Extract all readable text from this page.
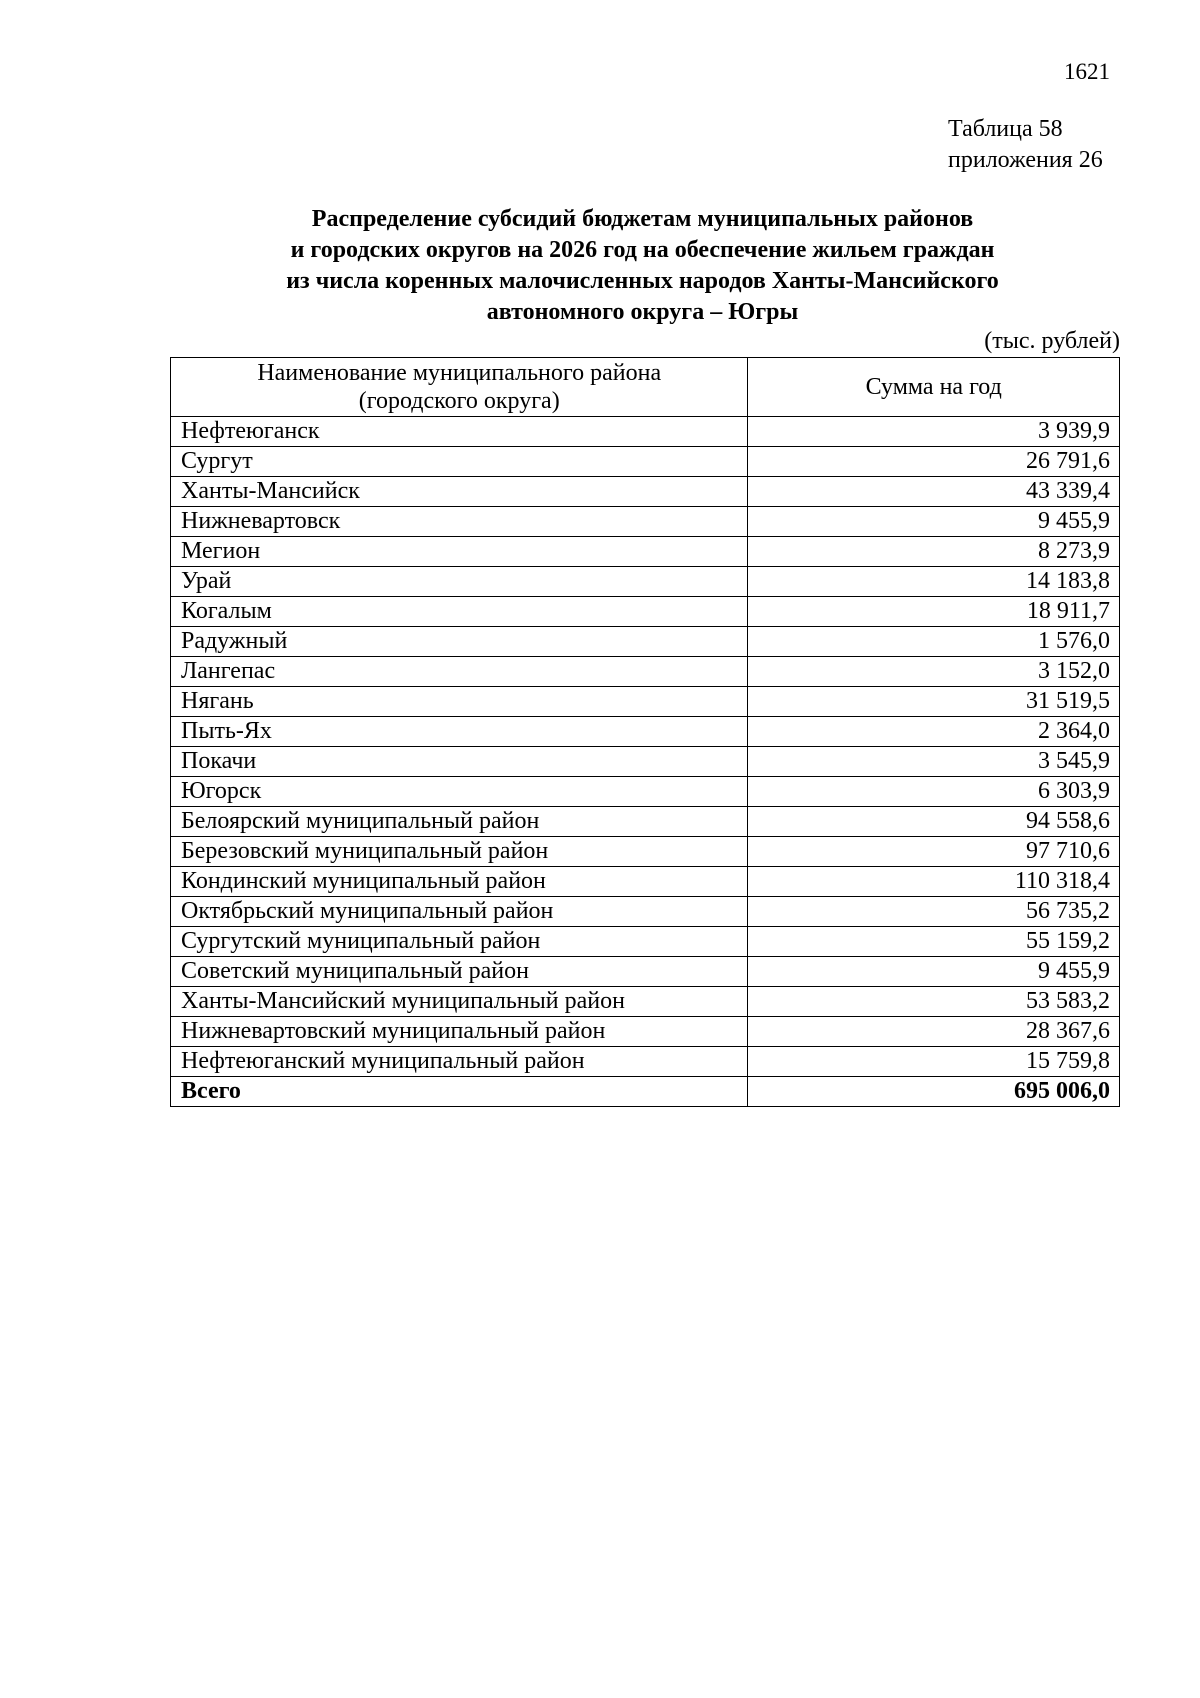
1621
Таблица 58
приложения 26
Распределение субсидий бюджетам муниципальных районов
и городских округов на 2026 год на обеспечение жильем граждан
из числа коренных малочисленных народов Ханты-Мансийского
автономного округа – Югры
(тыс. рублей)
Наименование муниципального района
(городского округа)	Сумма на год
Нефтеюганск	3 939,9
Сургут	26 791,6
Ханты-Мансийск	43 339,4
Нижневартовск	9 455,9
Мегион	8 273,9
Урай	14 183,8
Когалым	18 911,7
Радужный	1 576,0
Лангепас	3 152,0
Нягань	31 519,5
Пыть-Ях	2 364,0
Покачи	3 545,9
Югорск	6 303,9
Белоярский муниципальный район	94 558,6
Березовский муниципальный район	97 710,6
Кондинский муниципальный район	110 318,4
Октябрьский муниципальный район	56 735,2
Сургутский муниципальный район	55 159,2
Советский муниципальный район	9 455,9
Ханты-Мансийский муниципальный район	53 583,2
Нижневартовский муниципальный район	28 367,6
Нефтеюганский муниципальный район	15 759,8
Всего	695 006,0
